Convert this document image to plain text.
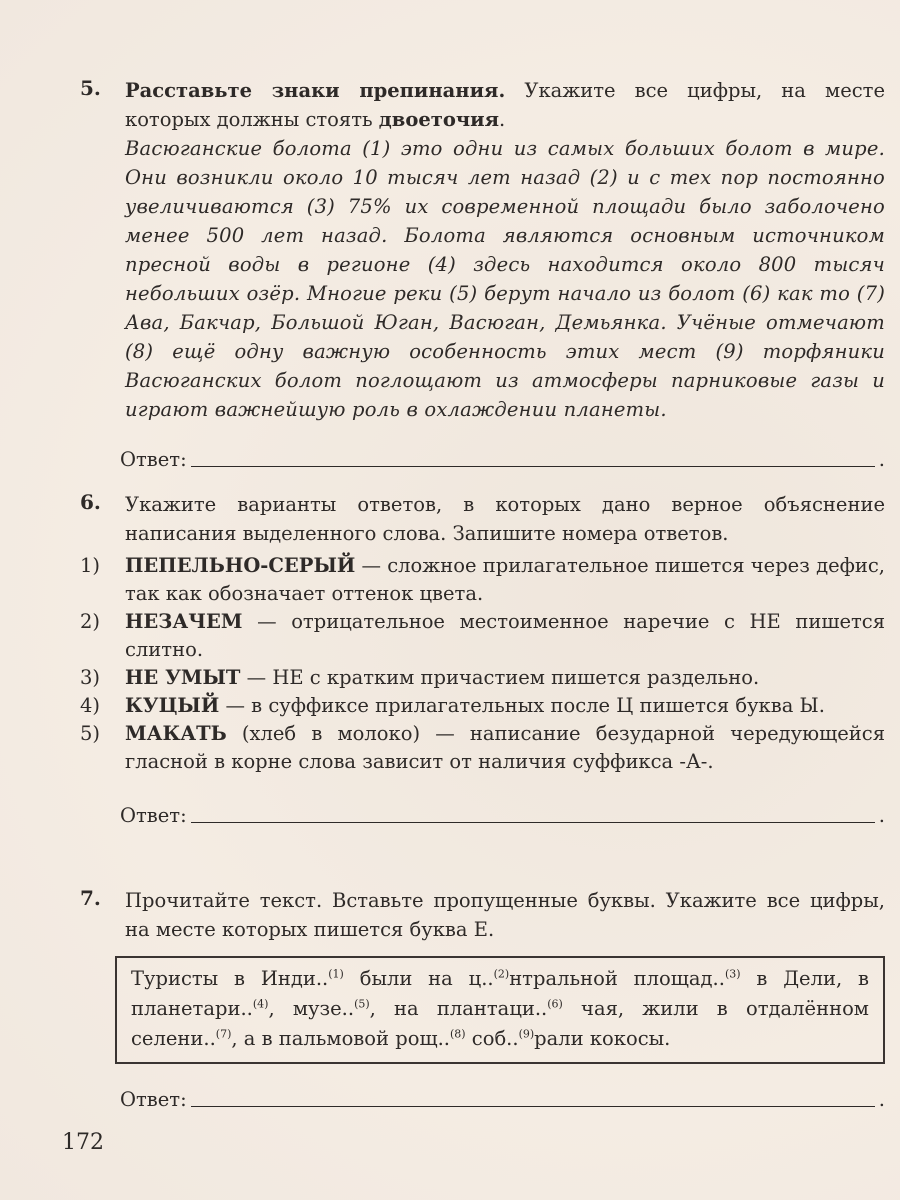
5. Расставьте знаки препинания. Укажите все цифры, на месте которых должны стоять двоеточия.
Васюганские болота (1) это одни из самых больших болот в мире. Они возникли около 10 тысяч лет назад (2) и с тех пор постоянно увеличиваются (3) 75% их современной площади было заболочено менее 500 лет назад. Болота являются основным источником пресной воды в регионе (4) здесь находится около 800 тысяч небольших озёр. Многие реки (5) берут начало из болот (6) как то (7) Ава, Бакчар, Большой Юган, Васюган, Демьянка. Учёные отмечают (8) ещё одну важную особенность этих мест (9) торфяники Васюганских болот поглощают из атмосферы парниковые газы и играют важнейшую роль в охлаждении планеты.
Ответ:	.
6. Укажите варианты ответов, в которых дано верное объяснение написания выделенного слова. Запишите номера ответов.
1)	ПЕПЕЛЬНО-СЕРЫЙ — сложное прилагательное пишется через дефис, так как обозначает оттенок цвета.
2)	НЕЗАЧЕМ — отрицательное местоименное наречие с НЕ пишется слитно.
3)	НЕ УМЫТ — НЕ с кратким причастием пишется раздельно.
4)	КУЦЫЙ — в суффиксе прилагательных после Ц пишется буква Ы.
5)	МАКАТЬ (хлеб в молоко) — написание безударной чередующейся гласной в корне слова зависит от наличия суффикса -А-.
Ответ:	.
7. Прочитайте текст. Вставьте пропущенные буквы. Укажите все цифры, на месте которых пишется буква Е.
Туристы в Инди..$^{(1)}$ были на ц..$^{(2)}$нтральной площад..$^{(3)}$ в Дели, в планетари..$^{(4)}$, музе..$^{(5)}$, на плантаци..$^{(6)}$ чая, жили в отдалённом селени..$^{(7)}$, а в пальмовой рощ..$^{(8)}$ соб..$^{(9)}$рали кокосы.
Ответ:	.
172
